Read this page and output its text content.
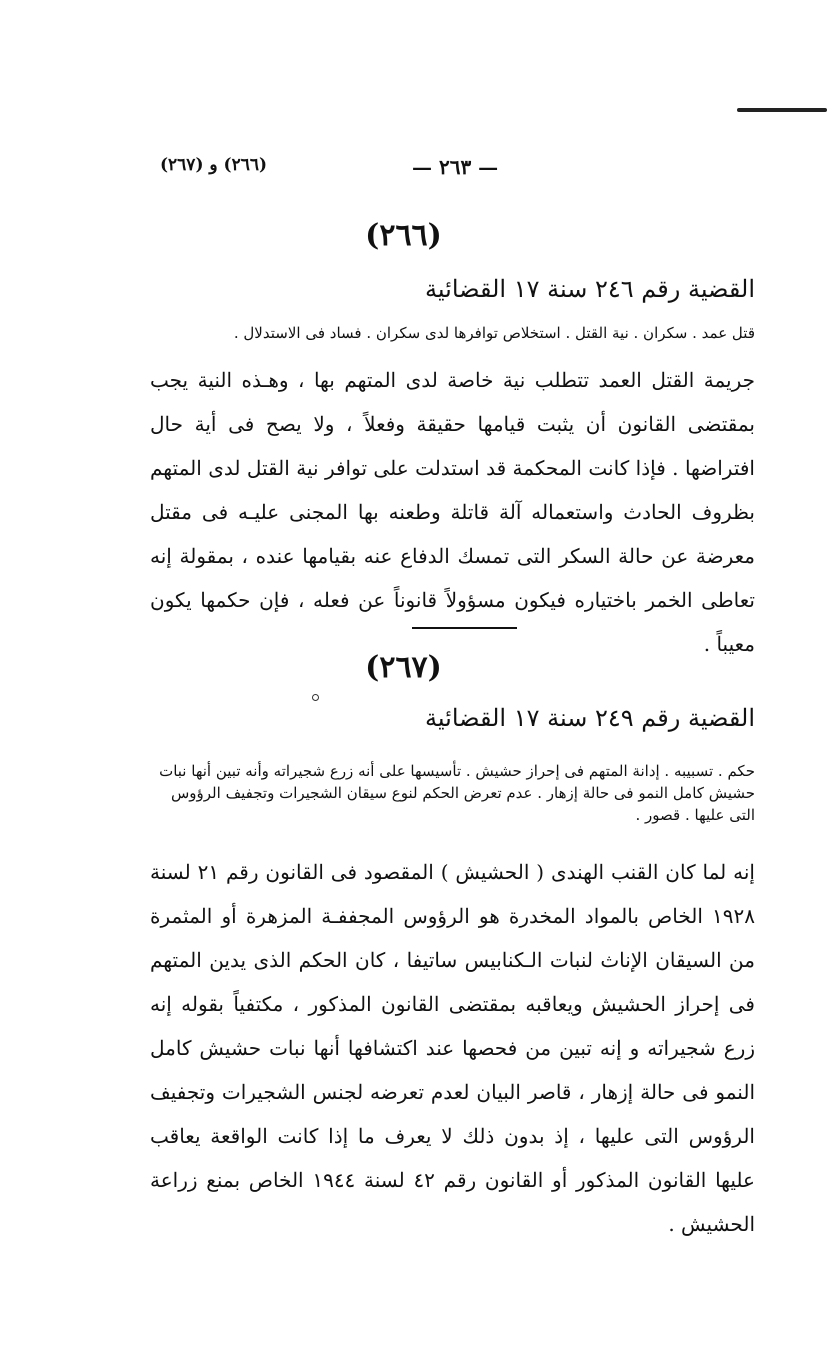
(٢٦٦) و (٢٦٧)	— ٢٦٣ —
(٢٦٦)
القضية رقم ٢٤٦ سنة ١٧ القضائية
قتل عمد . سكران . نية القتل . استخلاص توافرها لدى سكران . فساد فى الاستدلال .

جريمة القتل العمد تتطلب نية خاصة لدى المتهم بها ، وهـذه النية يجب بمقتضى القانون أن يثبت قيامها حقيقة وفعلاً ، ولا يصح فى أية حال افتراضها . فإذا كانت المحكمة قد استدلت على توافر نية القتل لدى المتهم بظروف الحادث واستعماله آلة قاتلة وطعنه بها المجنى عليـه فى مقتل معرضة عن حالة السكر التى تمسك الدفاع عنه بقيامها عنده ، بمقولة إنه تعاطى الخمر باختياره فيكون مسؤولاً قانوناً عن فعله ، فإن حكمها يكون معيباً .

(٢٦٧)
القضية رقم ٢٤٩ سنة ١٧ القضائية
حكم . تسبيبه . إدانة المتهم فى إحراز حشيش . تأسيسها على أنه زرع شجيراته وأنه تبين أنها نبات حشيش كامل النمو فى حالة إزهار . عدم تعرض الحكم لنوع سيقان الشجيرات وتجفيف الرؤوس التى عليها . قصور .

إنه لما كان القنب الهندى ( الحشيش ) المقصود فى القانون رقم ٢١ لسنة ١٩٢٨ الخاص بالمواد المخدرة هو الرؤوس المجففـة المزهرة أو المثمرة من السيقان الإناث لنبات الـكنابيس ساتيفا ، كان الحكم الذى يدين المتهم فى إحراز الحشيش ويعاقبه بمقتضى القانون المذكور ، مكتفياً بقوله إنه زرع شجيراته و إنه تبين من فحصها عند اكتشافها أنها نبات حشيش كامل النمو فى حالة إزهار ، قاصر البيان لعدم تعرضه لجنس الشجيرات وتجفيف الرؤوس التى عليها ، إذ بدون ذلك لا يعرف ما إذا كانت الواقعة يعاقب عليها القانون المذكور أو القانون رقم ٤٢ لسنة ١٩٤٤ الخاص بمنع زراعة الحشيش .
